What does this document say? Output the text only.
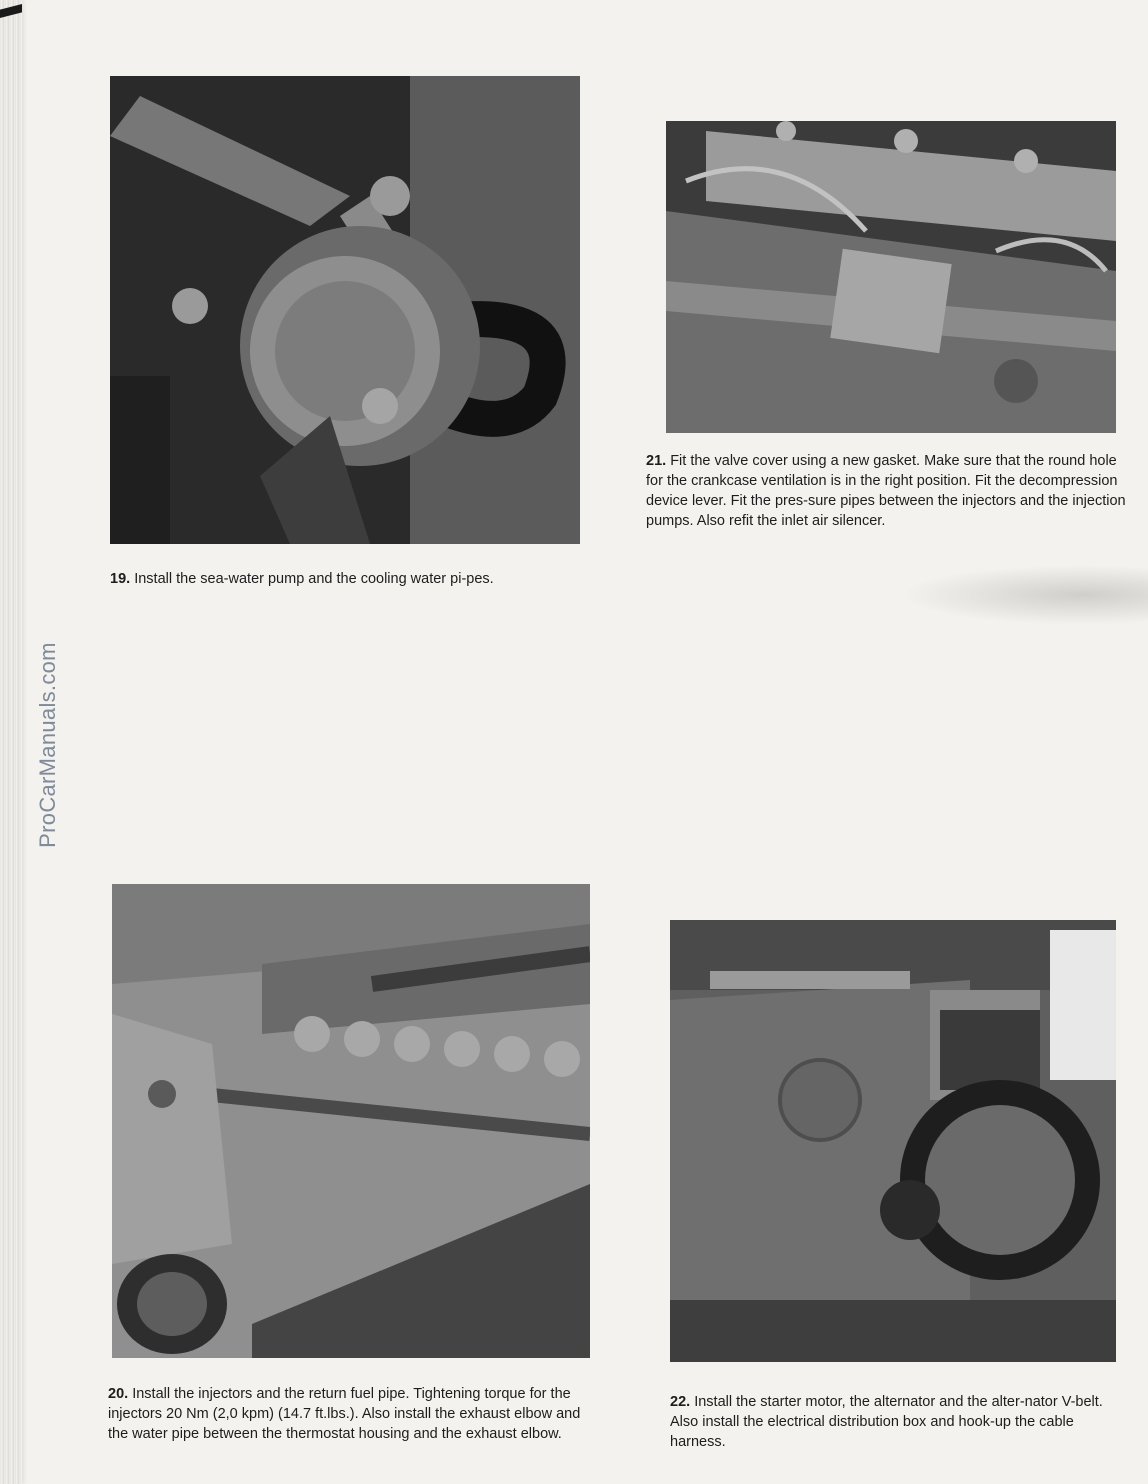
ProCarManuals.com

19. Install the sea-water pump and the cooling water pi-pes.

21. Fit the valve cover using a new gasket. Make sure that the round hole for the crankcase ventilation is in the right position. Fit the decompression device lever. Fit the pres-sure pipes between the injectors and the injection pumps. Also refit the inlet air silencer.

20. Install the injectors and the return fuel pipe. Tightening torque for the injectors 20 Nm (2,0 kpm) (14.7 ft.lbs.). Also install the exhaust elbow and the water pipe between the thermostat housing and the exhaust elbow.

22. Install the starter motor, the alternator and the alter-nator V-belt. Also install the electrical distribution box and hook-up the cable harness.
